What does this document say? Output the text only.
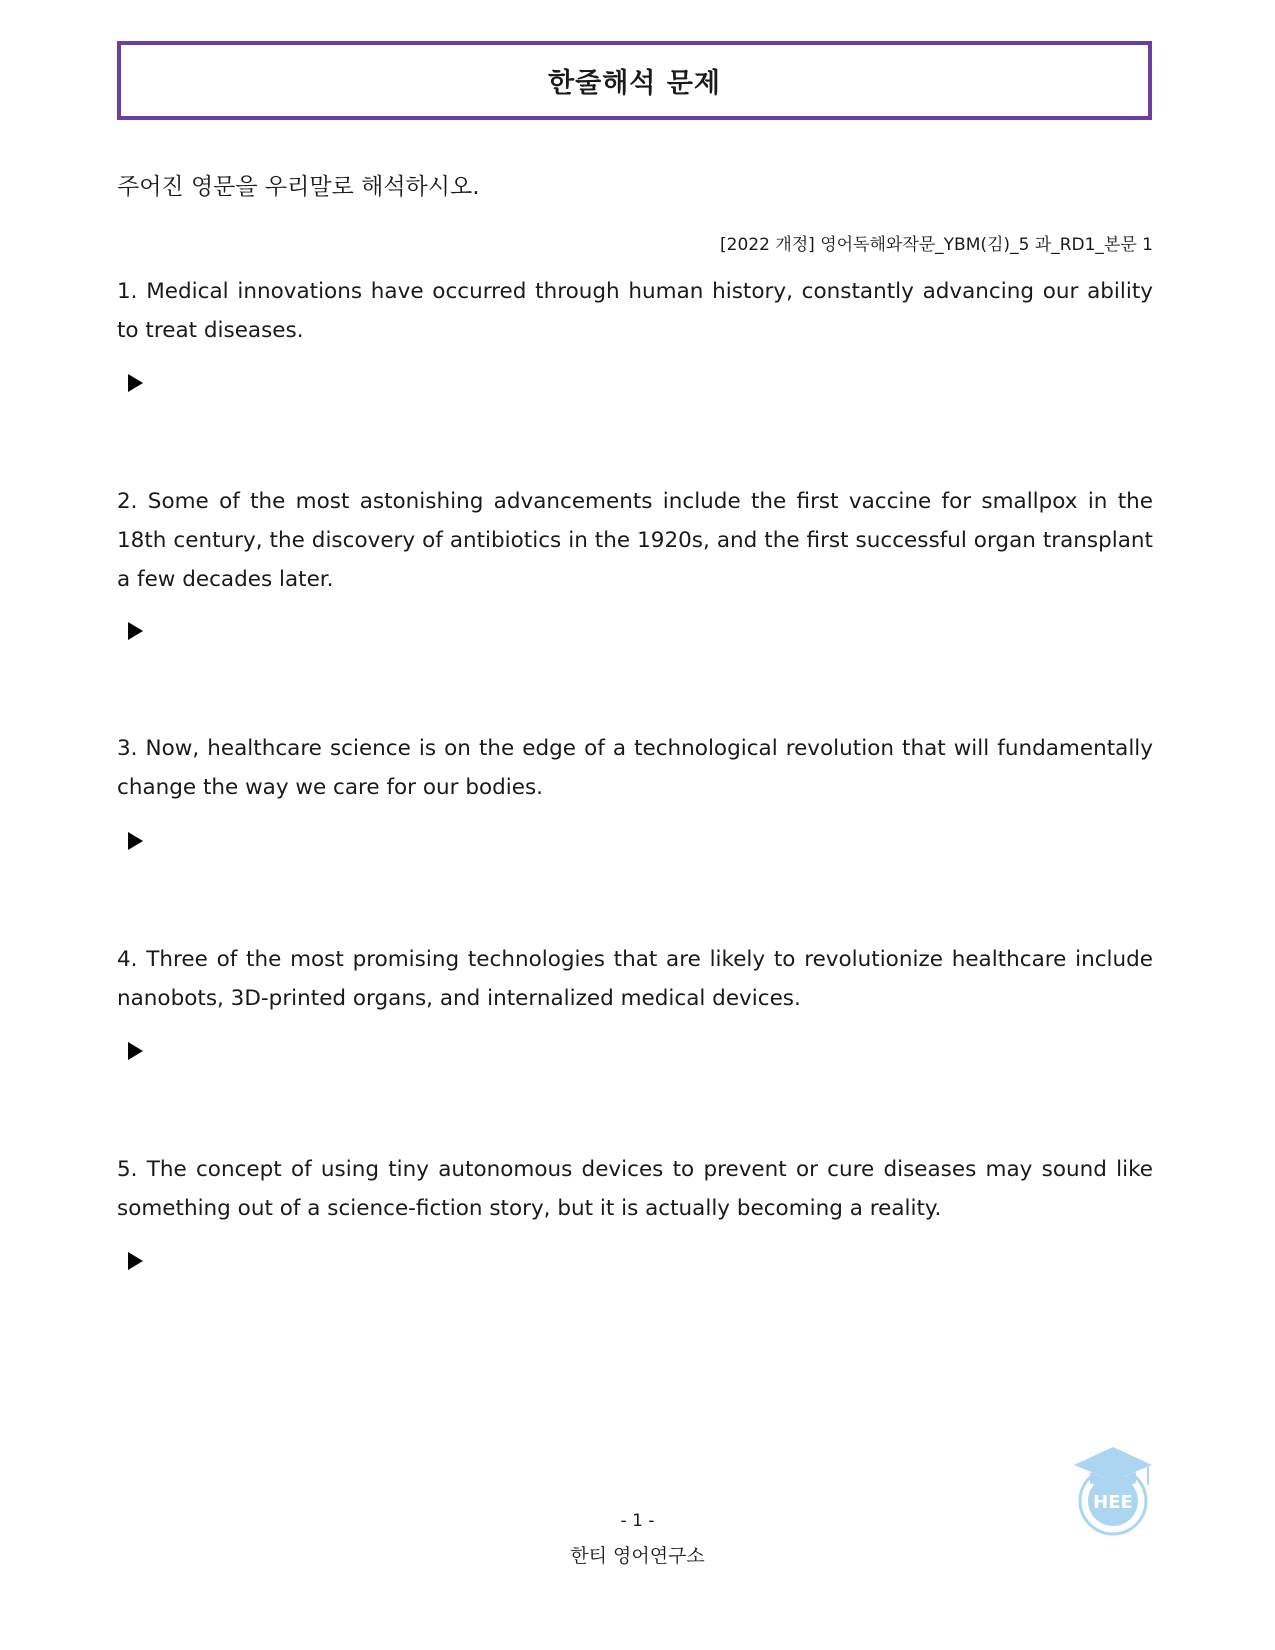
한줄해석 문제
주어진 영문을 우리말로 해석하시오.
[2022 개정] 영어독해와작문_YBM(김)_5 과_RD1_본문 1
1. Medical innovations have occurred through human history, constantly advancing our ability to treat diseases.
2. Some of the most astonishing advancements include the first vaccine for smallpox in the 18th century, the discovery of antibiotics in the 1920s, and the first successful organ transplant a few decades later.
3. Now, healthcare science is on the edge of a technological revolution that will fundamentally change the way we care for our bodies.
4. Three of the most promising technologies that are likely to revolutionize healthcare include nanobots, 3D-printed organs, and internalized medical devices.
5. The concept of using tiny autonomous devices to prevent or cure diseases may sound like something out of a science-fiction story, but it is actually becoming a reality.
- 1 -
한티 영어연구소
HEE
